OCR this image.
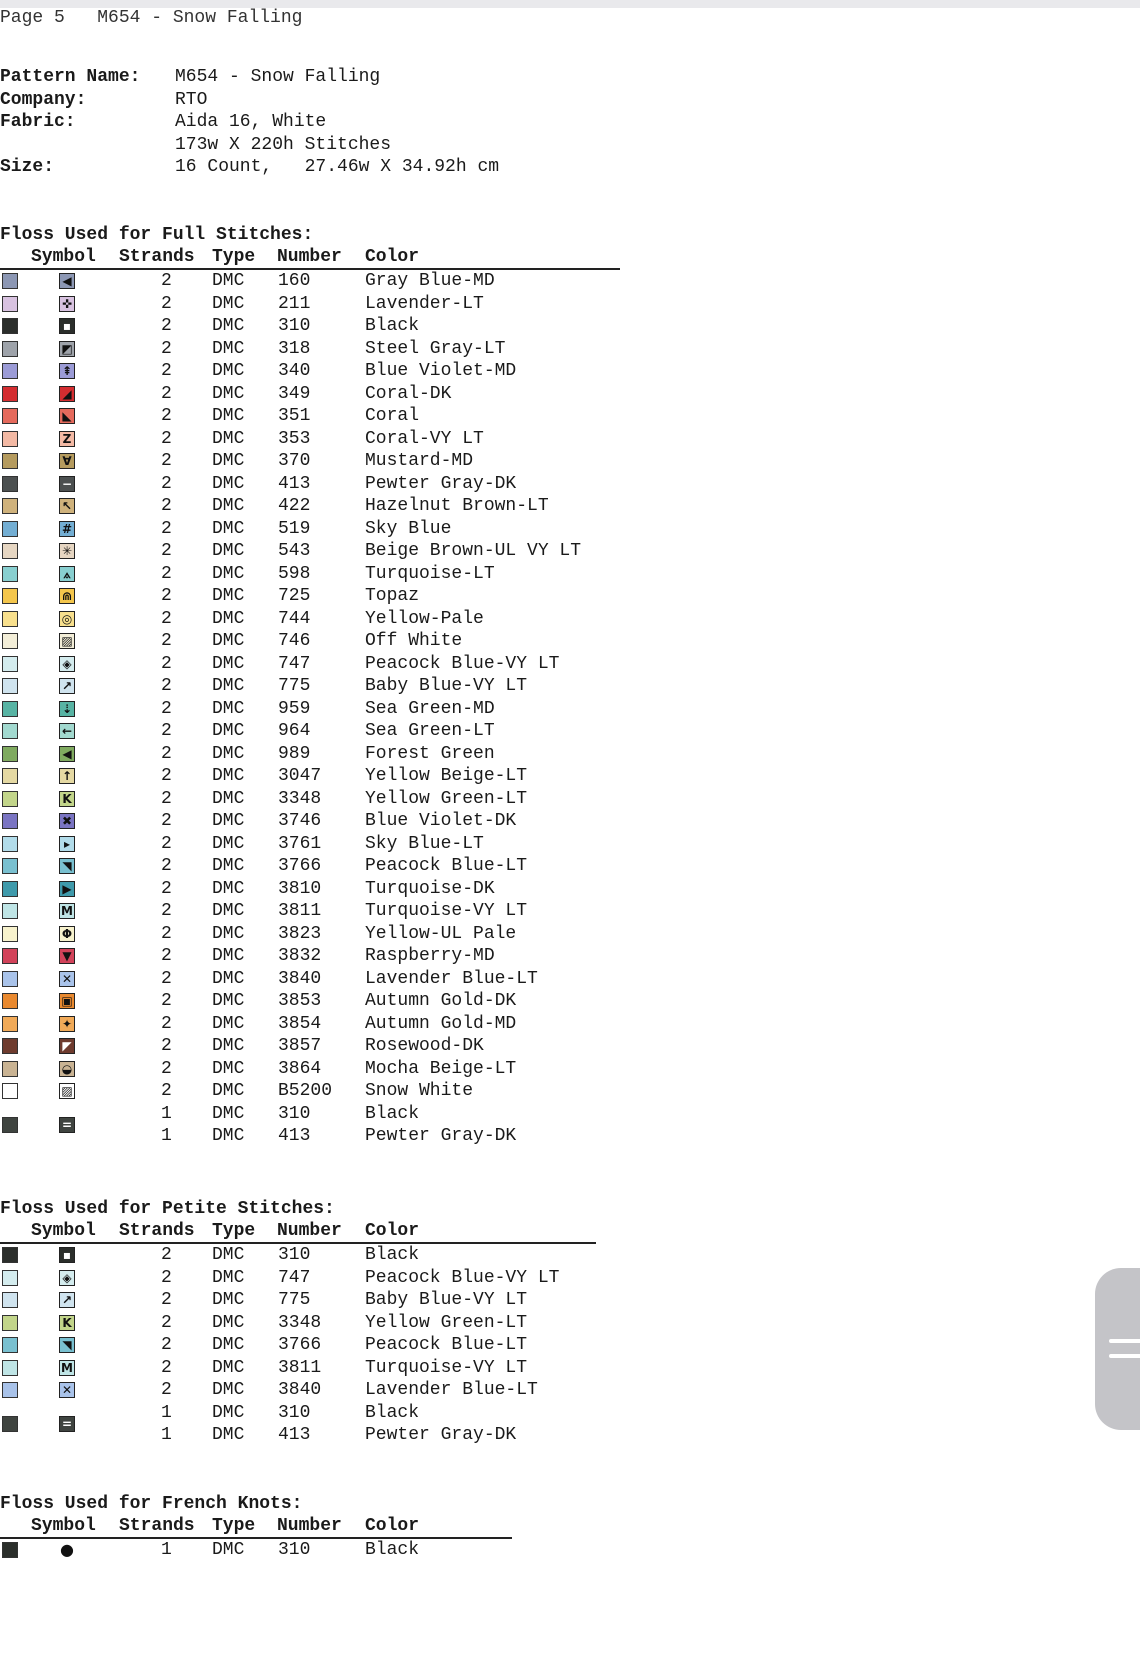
Page 5   M654 - Snow Falling
Pattern Name:	M654 - Snow Falling
Company:	RTO
Fabric:	Aida 16, White
173w X 220h Stitches
Size:	16 Count,   27.46w X 34.92h cm
Floss Used for Full Stitches:
Symbol Strands Type Number Color
◀	2 DMC 160	Gray Blue-MD
✜	2 DMC 211	Lavender-LT
▪	2 DMC 310	Black
◩	2 DMC 318	Steel Gray-LT
⇞	2 DMC 340	Blue Violet-MD
◢	2 DMC 349	Coral-DK
◣	2 DMC 351	Coral
Z	2 DMC 353	Coral-VY LT
∀	2 DMC 370	Mustard-MD
−	2 DMC 413	Pewter Gray-DK
↖	2 DMC 422	Hazelnut Brown-LT
#	2 DMC 519	Sky Blue
✳	2 DMC 543	Beige Brown-UL VY LT
⟑	2 DMC 598	Turquoise-LT
⋒	2 DMC 725	Topaz
◎	2 DMC 744	Yellow-Pale
▨	2 DMC 746	Off White
◈	2 DMC 747	Peacock Blue-VY LT
↗	2 DMC 775	Baby Blue-VY LT
⇣	2 DMC 959	Sea Green-MD
←	2 DMC 964	Sea Green-LT
◀	2 DMC 989	Forest Green
↑	2 DMC 3047 Yellow Beige-LT
K	2 DMC 3348 Yellow Green-LT
✖	2 DMC 3746 Blue Violet-DK
▸	2 DMC 3761 Sky Blue-LT
◥	2 DMC 3766 Peacock Blue-LT
▶	2 DMC 3810 Turquoise-DK
M	2 DMC 3811 Turquoise-VY LT
Φ	2 DMC 3823 Yellow-UL Pale
▼	2 DMC 3832 Raspberry-MD
✕	2 DMC 3840 Lavender Blue-LT
▣	2 DMC 3853 Autumn Gold-DK
✦	2 DMC 3854 Autumn Gold-MD
◤	2 DMC 3857 Rosewood-DK
◒	2 DMC 3864 Mocha Beige-LT
▨	2 DMC B5200 Snow White
=
1 DMC 310	Black
1 DMC 413	Pewter Gray-DK
Floss Used for Petite Stitches:
Symbol Strands Type Number Color
▪	2 DMC 310	Black
◈	2 DMC 747	Peacock Blue-VY LT
↗	2 DMC 775	Baby Blue-VY LT
K	2 DMC 3348 Yellow Green-LT
◥	2 DMC 3766 Peacock Blue-LT
M	2 DMC 3811 Turquoise-VY LT
✕	2 DMC 3840 Lavender Blue-LT
=
1 DMC 310	Black
1 DMC 413	Pewter Gray-DK
Floss Used for French Knots:
Symbol Strands Type Number Color
●	1 DMC 310	Black
